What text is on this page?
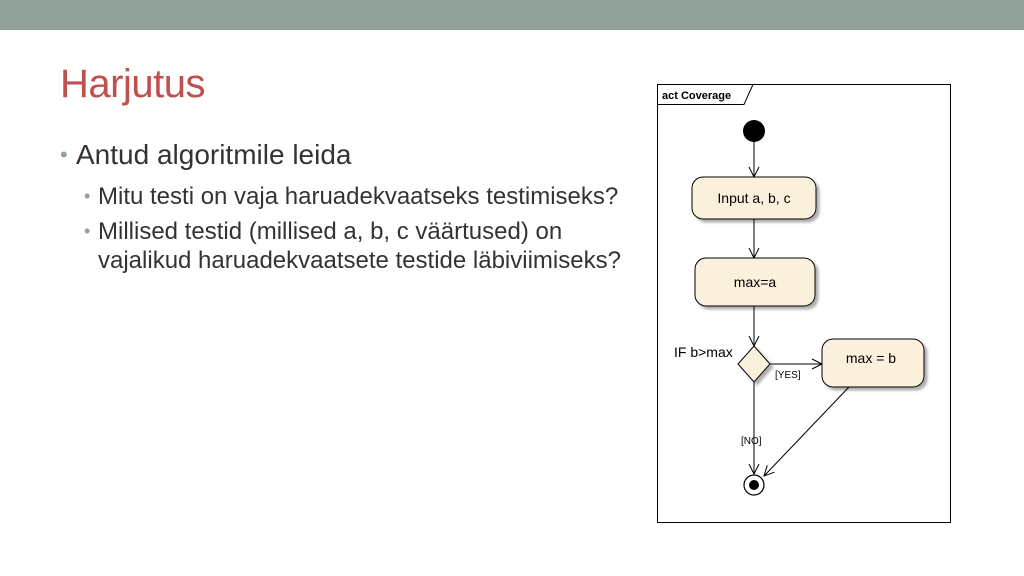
Harjutus
• Antud algoritmile leida
• Mitu testi on vaja haruadekvaatseks testimiseks?
• Millised testid (millised a, b, c väärtused) on vajalikud haruadekvaatsete testide läbiviimiseks?
act Coverage
Input a, b, c
max=a
IF b>max
[YES]
max = b
[NO]
